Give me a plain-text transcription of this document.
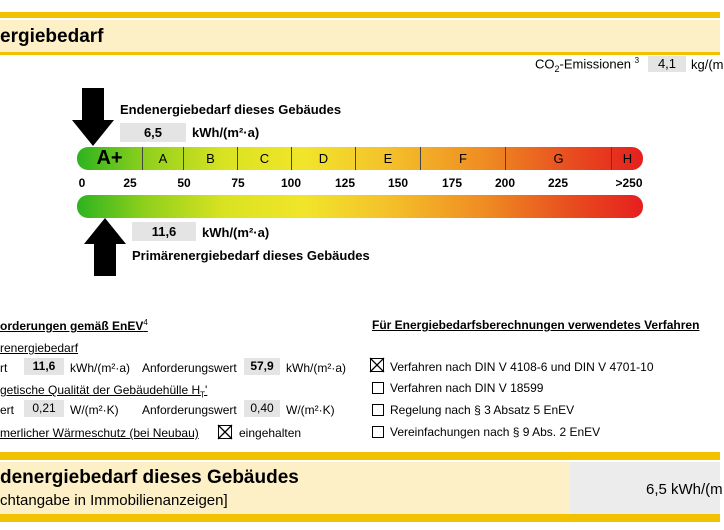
ergiebedarf
$CO_2$-Emissionen $^3$	4,1	kg/(m
Endenergiebedarf dieses Gebäudes
6,5	kWh/(m²·a)
A+	A	B	C	D	E	F	G	H
0	25	50	75	100	125	150	175	200	225	>250
11,6	kWh/(m²·a)
Primärenergiebedarf dieses Gebäudes
orderungen gemäß EnEV$^4$
renergiebedarf
rt	11,6	kWh/(m²·a) Anforderungswert	57,9	kWh/(m²·a)
getische Qualität der Gebäudehülle $H_T'$
ert	0,21	W/(m²·K) Anforderungswert	0,40	W/(m²·K)
merlicher Wärmeschutz (bei Neubau)	eingehalten
Für Energiebedarfsberechnungen verwendetes Verfahren
Verfahren nach DIN V 4108-6 und DIN V 4701-10
Verfahren nach DIN V 18599
Regelung nach § 3 Absatz 5 EnEV
Vereinfachungen nach § 9 Abs. 2 EnEV
denergiebedarf dieses Gebäudes
chtangabe in Immobilienanzeigen]
6,5 kWh/(m
